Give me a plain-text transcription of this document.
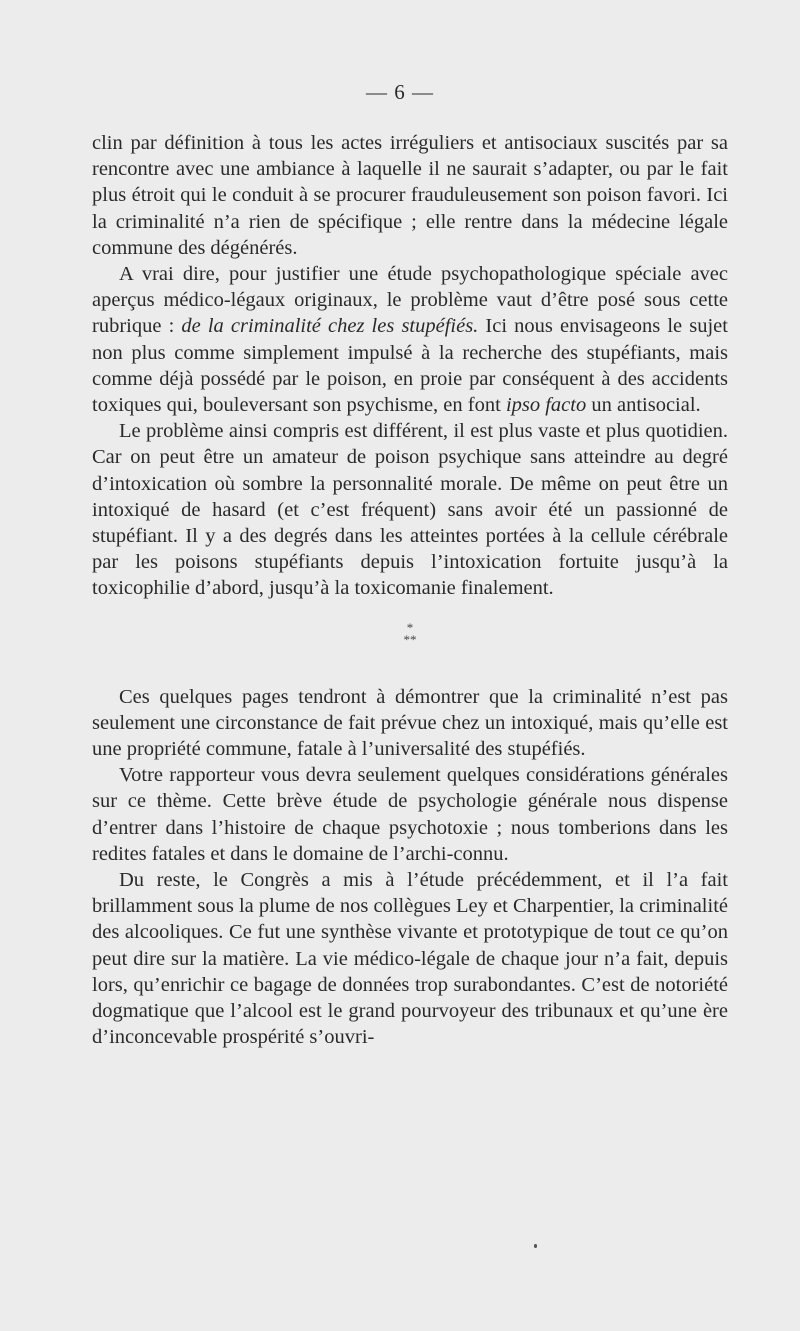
— 6 —

clin par définition à tous les actes irréguliers et antisociaux suscités par sa rencontre avec une ambiance à laquelle il ne saurait s’adapter, ou par le fait plus étroit qui le conduit à se procurer frauduleusement son poison favori. Ici la criminalité n’a rien de spécifique ; elle rentre dans la médecine légale commune des dégénérés.

A vrai dire, pour justifier une étude psychopathologique spéciale avec aperçus médico-légaux originaux, le problème vaut d’être posé sous cette rubrique : de la criminalité chez les stupéfiés. Ici nous envisageons le sujet non plus comme simplement impulsé à la recherche des stupéfiants, mais comme déjà possédé par le poison, en proie par conséquent à des accidents toxiques qui, bouleversant son psychisme, en font ipso facto un antisocial.

Le problème ainsi compris est différent, il est plus vaste et plus quotidien. Car on peut être un amateur de poison psychique sans atteindre au degré d’intoxication où sombre la personnalité morale. De même on peut être un intoxiqué de hasard (et c’est fréquent) sans avoir été un passionné de stupéfiant. Il y a des degrés dans les atteintes portées à la cellule cérébrale par les poisons stupéfiants depuis l’intoxication fortuite jusqu’à la toxicophilie d’abord, jusqu’à la toxicomanie finalement.

*
**

Ces quelques pages tendront à démontrer que la criminalité n’est pas seulement une circonstance de fait prévue chez un intoxiqué, mais qu’elle est une propriété commune, fatale à l’universalité des stupéfiés.

Votre rapporteur vous devra seulement quelques considérations générales sur ce thème. Cette brève étude de psychologie générale nous dispense d’entrer dans l’histoire de chaque psychotoxie ; nous tomberions dans les redites fatales et dans le domaine de l’archi-connu.

Du reste, le Congrès a mis à l’étude précédemment, et il l’a fait brillamment sous la plume de nos collègues Ley et Charpentier, la criminalité des alcooliques. Ce fut une synthèse vivante et prototypique de tout ce qu’on peut dire sur la matière. La vie médico-légale de chaque jour n’a fait, depuis lors, qu’enrichir ce bagage de données trop surabondantes. C’est de notoriété dogmatique que l’alcool est le grand pourvoyeur des tribunaux et qu’une ère d’inconcevable prospérité s’ouvri-
